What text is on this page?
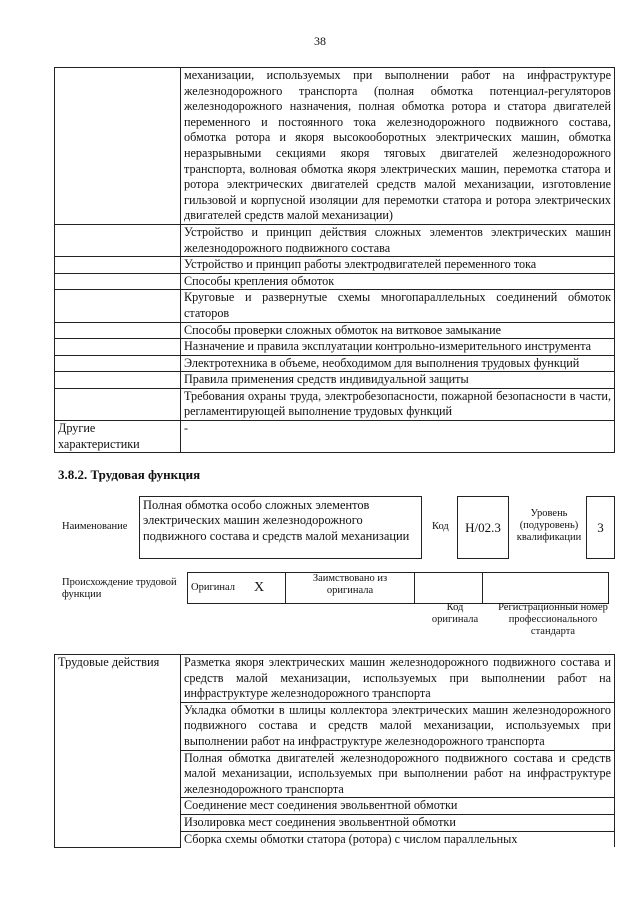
38
	механизации, используемых при выполнении работ на инфраструктуре железнодорожного транспорта (полная обмотка потенциал-регуляторов железнодорожного назначения, полная обмотка ротора и статора двигателей переменного и постоянного тока железнодорожного подвижного состава, обмотка ротора и якоря высокооборотных электрических машин, обмотка неразрывными секциями якоря тяговых двигателей железнодорожного транспорта, волновая обмотка якоря электрических машин, перемотка статора и ротора электрических двигателей средств малой механизации, изготовление гильзовой и корпусной изоляции для перемотки статора и ротора электрических двигателей средств малой механизации)
	Устройство и принцип действия сложных элементов электрических машин железнодорожного подвижного состава
	Устройство и принцип работы электродвигателей переменного тока
	Способы крепления обмоток
	Круговые и развернутые схемы многопараллельных соединений обмоток статоров
	Способы проверки сложных обмоток на витковое замыкание
	Назначение и правила эксплуатации контрольно-измерительного инструмента
	Электротехника в объеме, необходимом для выполнения трудовых функций
	Правила применения средств индивидуальной защиты
	Требования охраны труда, электробезопасности, пожарной безопасности в части, регламентирующей выполнение трудовых функций
Другие характеристики	-
3.8.2. Трудовая функция
Наименование
Полная обмотка особо сложных элементов электрических машин железнодорожного подвижного состава и средств малой механизации
Код	Н/02.3
Уровень (подуровень) квалификации
3
Происхождение трудовой функции
Оригинал	X	Заимствовано из оригинала		
Код оригинала
Регистрационный номер профессионального стандарта
Трудовые действия	Разметка якоря электрических машин железнодорожного подвижного состава и средств малой механизации, используемых при выполнении работ на инфраструктуре железнодорожного транспорта
Укладка обмотки в шлицы коллектора электрических машин железнодорожного подвижного состава и средств малой механизации, используемых при выполнении работ на инфраструктуре железнодорожного транспорта
Полная обмотка двигателей железнодорожного подвижного состава и средств малой механизации, используемых при выполнении работ на инфраструктуре железнодорожного транспорта
Соединение мест соединения эвольвентной обмотки
Изолировка мест соединения эвольвентной обмотки
Сборка схемы обмотки статора (ротора) с числом параллельных
